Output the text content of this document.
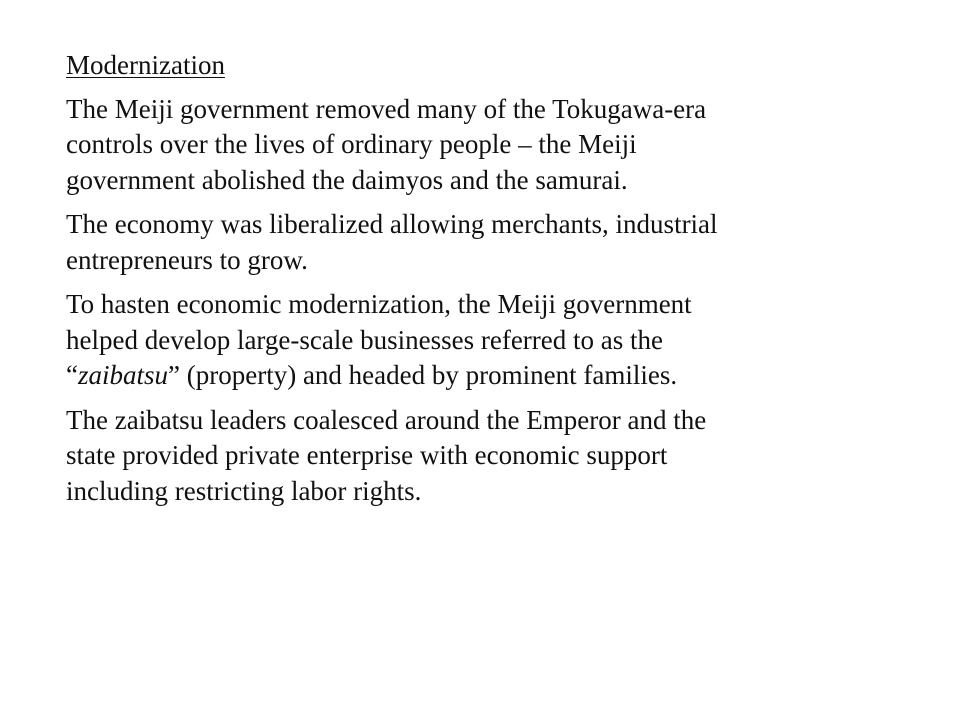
Modernization
The Meiji government removed many of the Tokugawa-era
controls over the lives of ordinary people – the Meiji
government abolished the daimyos and the samurai.
The economy was liberalized allowing merchants, industrial
entrepreneurs to grow.
To hasten economic modernization, the Meiji government
helped develop large-scale businesses referred to as the
“zaibatsu” (property) and headed by prominent families.
The zaibatsu leaders coalesced around the Emperor and the
state provided private enterprise with economic support
including restricting labor rights.
